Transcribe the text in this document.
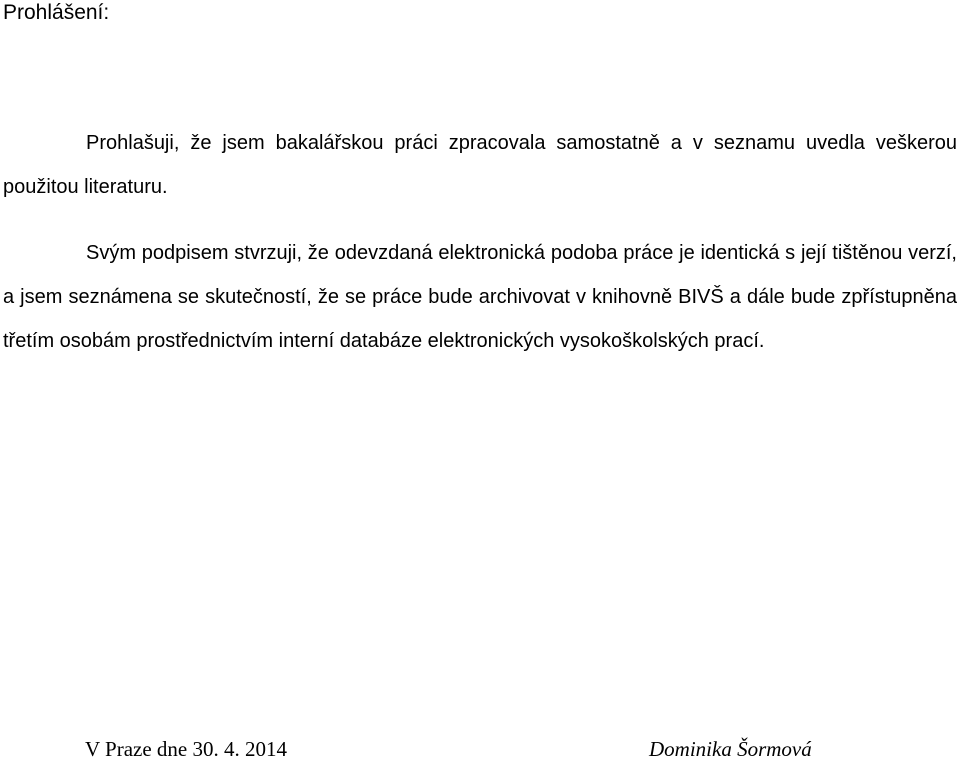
Prohlášení:

Prohlašuji, že jsem bakalářskou práci zpracovala samostatně a v seznamu uvedla veškerou použitou literaturu.

Svým podpisem stvrzuji, že odevzdaná elektronická podoba práce je identická s její tištěnou verzí, a jsem seznámena se skutečností, že se práce bude archivovat v knihovně BIVŠ a dále bude zpřístupněna třetím osobám prostřednictvím interní databáze elektronických vysokoškolských prací.

V Praze dne 30. 4. 2014	Dominika Šormová
